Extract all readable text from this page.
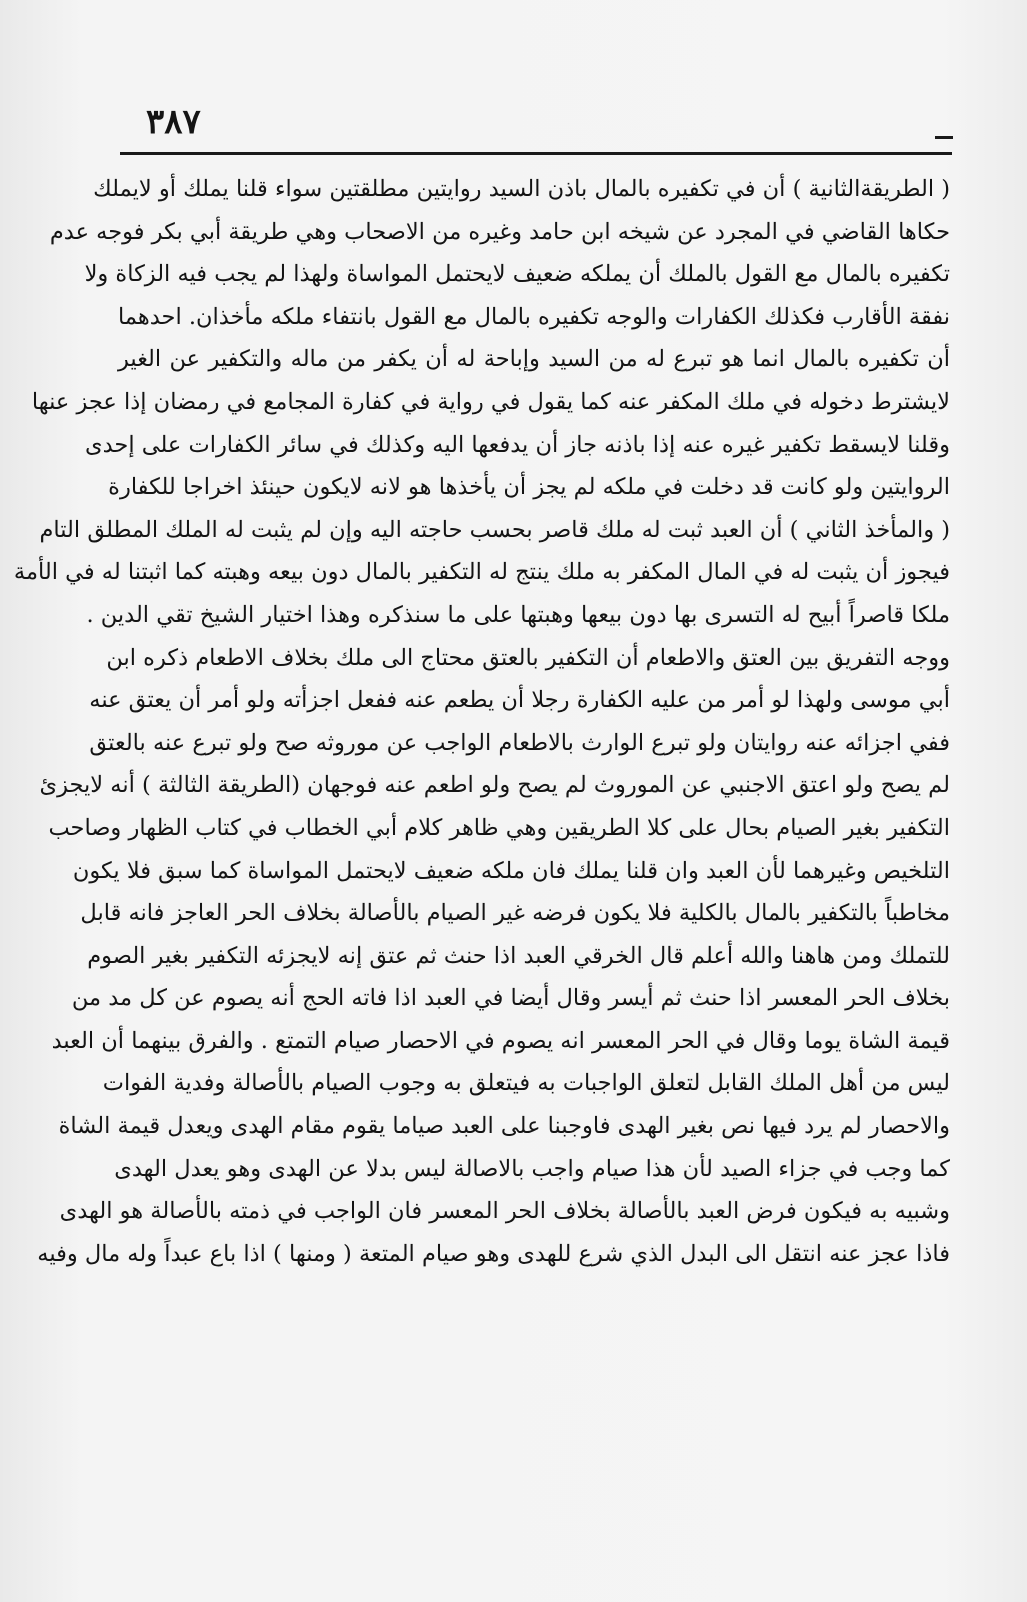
٣٨٧
( الطريقةالثانية ) أن في تكفيره بالمال باذن السيد روايتين مطلقتين سواء قلنا يملك أو لايملك
حكاها القاضي في المجرد عن شيخه ابن حامد وغيره من الاصحاب وهي طريقة أبي بكر فوجه عدم
تكفيره بالمال مع القول بالملك أن يملكه ضعيف لايحتمل المواساة ولهذا لم يجب فيه الزكاة ولا
نفقة الأقارب فكذلك الكفارات والوجه تكفيره بالمال مع القول بانتفاء ملكه مأخذان. احدهما
أن تكفيره بالمال انما هو تبرع له من السيد وإباحة له أن يكفر من ماله والتكفير عن الغير
لايشترط دخوله في ملك المكفر عنه كما يقول في رواية في كفارة المجامع في رمضان إذا عجز عنها
وقلنا لايسقط تكفير غيره عنه إذا باذنه جاز أن يدفعها اليه وكذلك في سائر الكفارات على إحدى
الروايتين ولو كانت قد دخلت في ملكه لم يجز أن يأخذها هو لانه لايكون حينئذ اخراجا للكفارة
( والمأخذ الثاني ) أن العبد ثبت له ملك قاصر بحسب حاجته اليه وإن لم يثبت له الملك المطلق التام
فيجوز أن يثبت له في المال المكفر به ملك ينتج له التكفير بالمال دون بيعه وهبته كما اثبتنا له في الأمة
ملكا قاصراً أبيح له التسرى بها دون بيعها وهبتها على ما سنذكره وهذا اختيار الشيخ تقي الدين .
ووجه التفريق بين العتق والاطعام أن التكفير بالعتق محتاج الى ملك بخلاف الاطعام ذكره ابن
أبي موسى ولهذا لو أمر من عليه الكفارة رجلا أن يطعم عنه ففعل اجزأته ولو أمر أن يعتق عنه
ففي اجزائه عنه روايتان ولو تبرع الوارث بالاطعام الواجب عن موروثه صح ولو تبرع عنه بالعتق
لم يصح ولو اعتق الاجنبي عن الموروث لم يصح ولو اطعم عنه فوجهان (الطريقة الثالثة ) أنه لايجزئ
التكفير بغير الصيام بحال على كلا الطريقين وهي ظاهر كلام أبي الخطاب في كتاب الظهار وصاحب
التلخيص وغيرهما لأن العبد وان قلنا يملك فان ملكه ضعيف لايحتمل المواساة كما سبق فلا يكون
مخاطباً بالتكفير بالمال بالكلية فلا يكون فرضه غير الصيام بالأصالة بخلاف الحر العاجز فانه قابل
للتملك ومن هاهنا والله أعلم قال الخرقي العبد اذا حنث ثم عتق إنه لايجزئه التكفير بغير الصوم
بخلاف الحر المعسر اذا حنث ثم أيسر وقال أيضا في العبد اذا فاته الحج أنه يصوم عن كل مد من
قيمة الشاة يوما وقال في الحر المعسر انه يصوم في الاحصار صيام التمتع . والفرق بينهما أن العبد
ليس من أهل الملك القابل لتعلق الواجبات به فيتعلق به وجوب الصيام بالأصالة وفدية الفوات
والاحصار لم يرد فيها نص بغير الهدى فاوجبنا على العبد صياما يقوم مقام الهدى ويعدل قيمة الشاة
كما وجب في جزاء الصيد لأن هذا صيام واجب بالاصالة ليس بدلا عن الهدى وهو يعدل الهدى
وشبيه به فيكون فرض العبد بالأصالة بخلاف الحر المعسر فان الواجب في ذمته بالأصالة هو الهدى
فاذا عجز عنه انتقل الى البدل الذي شرع للهدى وهو صيام المتعة ( ومنها ) اذا باع عبداً وله مال وفيه
